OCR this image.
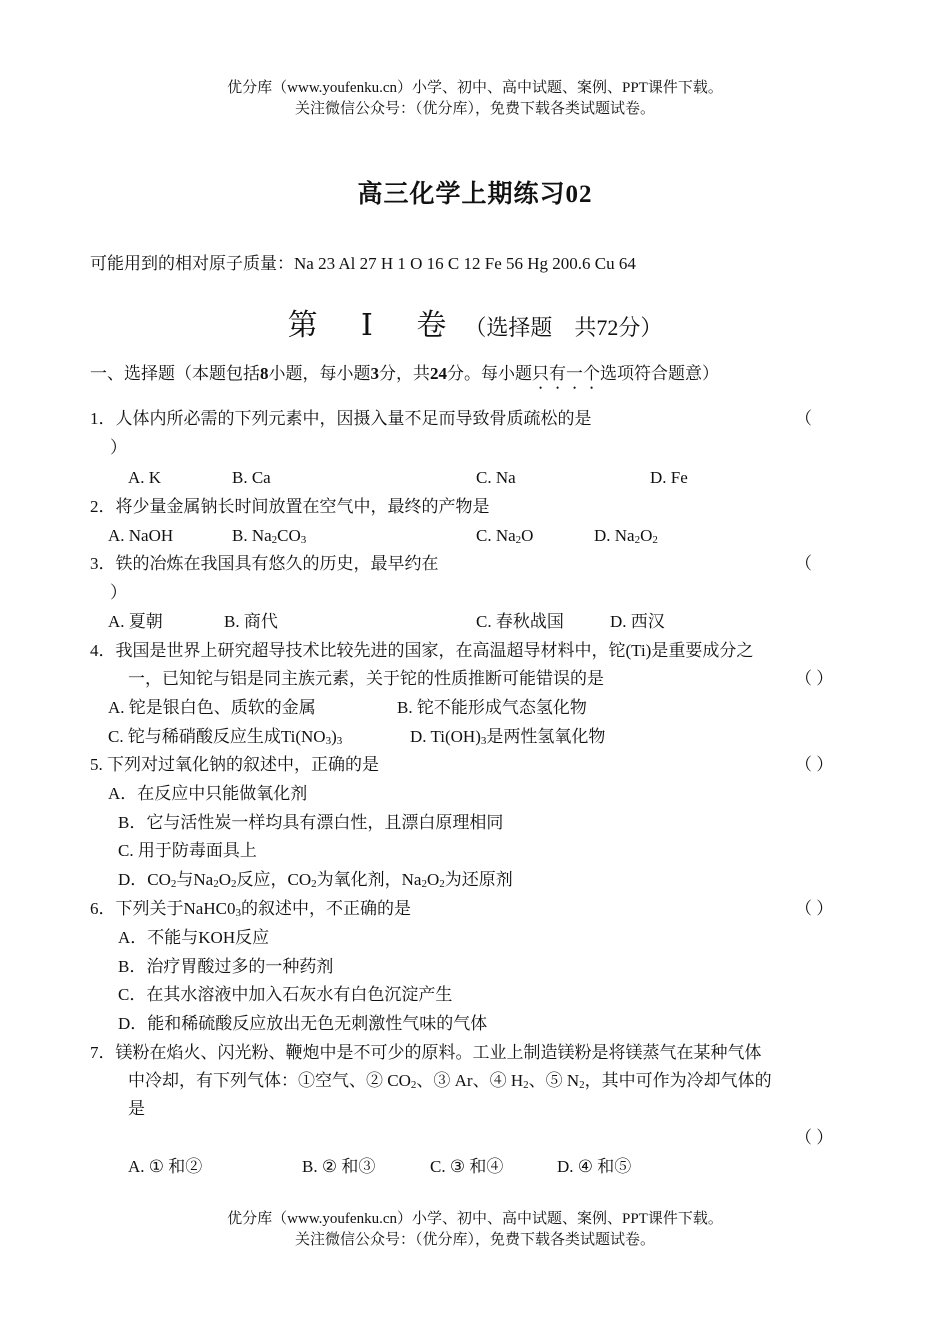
优分库（www.youfenku.cn）小学、初中、高中试题、案例、PPT课件下载。
关注微信公众号：（优分库），免费下载各类试题试卷。
高三化学上期练习02
可能用到的相对原子质量：Na 23 Al 27 H 1 O 16 C 12 Fe 56 Hg 200.6 Cu 64
第 Ⅰ 卷（选择题　共72分）
一、选择题（本题包括8小题，每小题3分，共24分。每小题只有一个选项符合题意）
1．人体内所必需的下列元素中，因摄入量不足而导致骨质疏松的是	（
）
A. K	B. Ca	C. Na	D. Fe
2．将少量金属钠长时间放置在空气中，最终的产物是
A. NaOH	B. $Na_2CO_3$	C. $Na_2O$	D. $Na_2O_2$
3．铁的冶炼在我国具有悠久的历史，最早约在	（
）
A. 夏朝	B. 商代	C. 春秋战国	D. 西汉
4．我国是世界上研究超导技术比较先进的国家，在高温超导材料中，铊(Ti)是重要成分之
一，已知铊与铝是同主族元素，关于铊的性质推断可能错误的是	（ ）
A. 铊是银白色、质软的金属	B. 铊不能形成气态氢化物
C. 铊与稀硝酸反应生成$Ti(NO_3)_3$	D. $Ti(OH)_3$是两性氢氧化物
5. 下列对过氧化钠的叙述中，正确的是	（ ）
A．在反应中只能做氧化剂
B．它与活性炭一样均具有漂白性，且漂白原理相同
C. 用于防毒面具上
D．$CO_2$与$Na_2O_2$反应，$CO_2$为氧化剂，$Na_2O_2$为还原剂
6．下列关于$NaHC0_3$的叙述中，不正确的是	（ ）
A．不能与KOH反应
B．治疗胃酸过多的一种药剂
C．在其水溶液中加入石灰水有白色沉淀产生
D．能和稀硫酸反应放出无色无刺激性气味的气体
7．镁粉在焰火、闪光粉、鞭炮中是不可少的原料。工业上制造镁粉是将镁蒸气在某种气体
中冷却，有下列气体：①空气、② $CO_2$、③ Ar、④ $H_2$、⑤ $N_2$，其中可作为冷却气体的
是
（ ）
A. ① 和②	B. ② 和③	C. ③ 和④	D. ④ 和⑤
优分库（www.youfenku.cn）小学、初中、高中试题、案例、PPT课件下载。
关注微信公众号：（优分库），免费下载各类试题试卷。
